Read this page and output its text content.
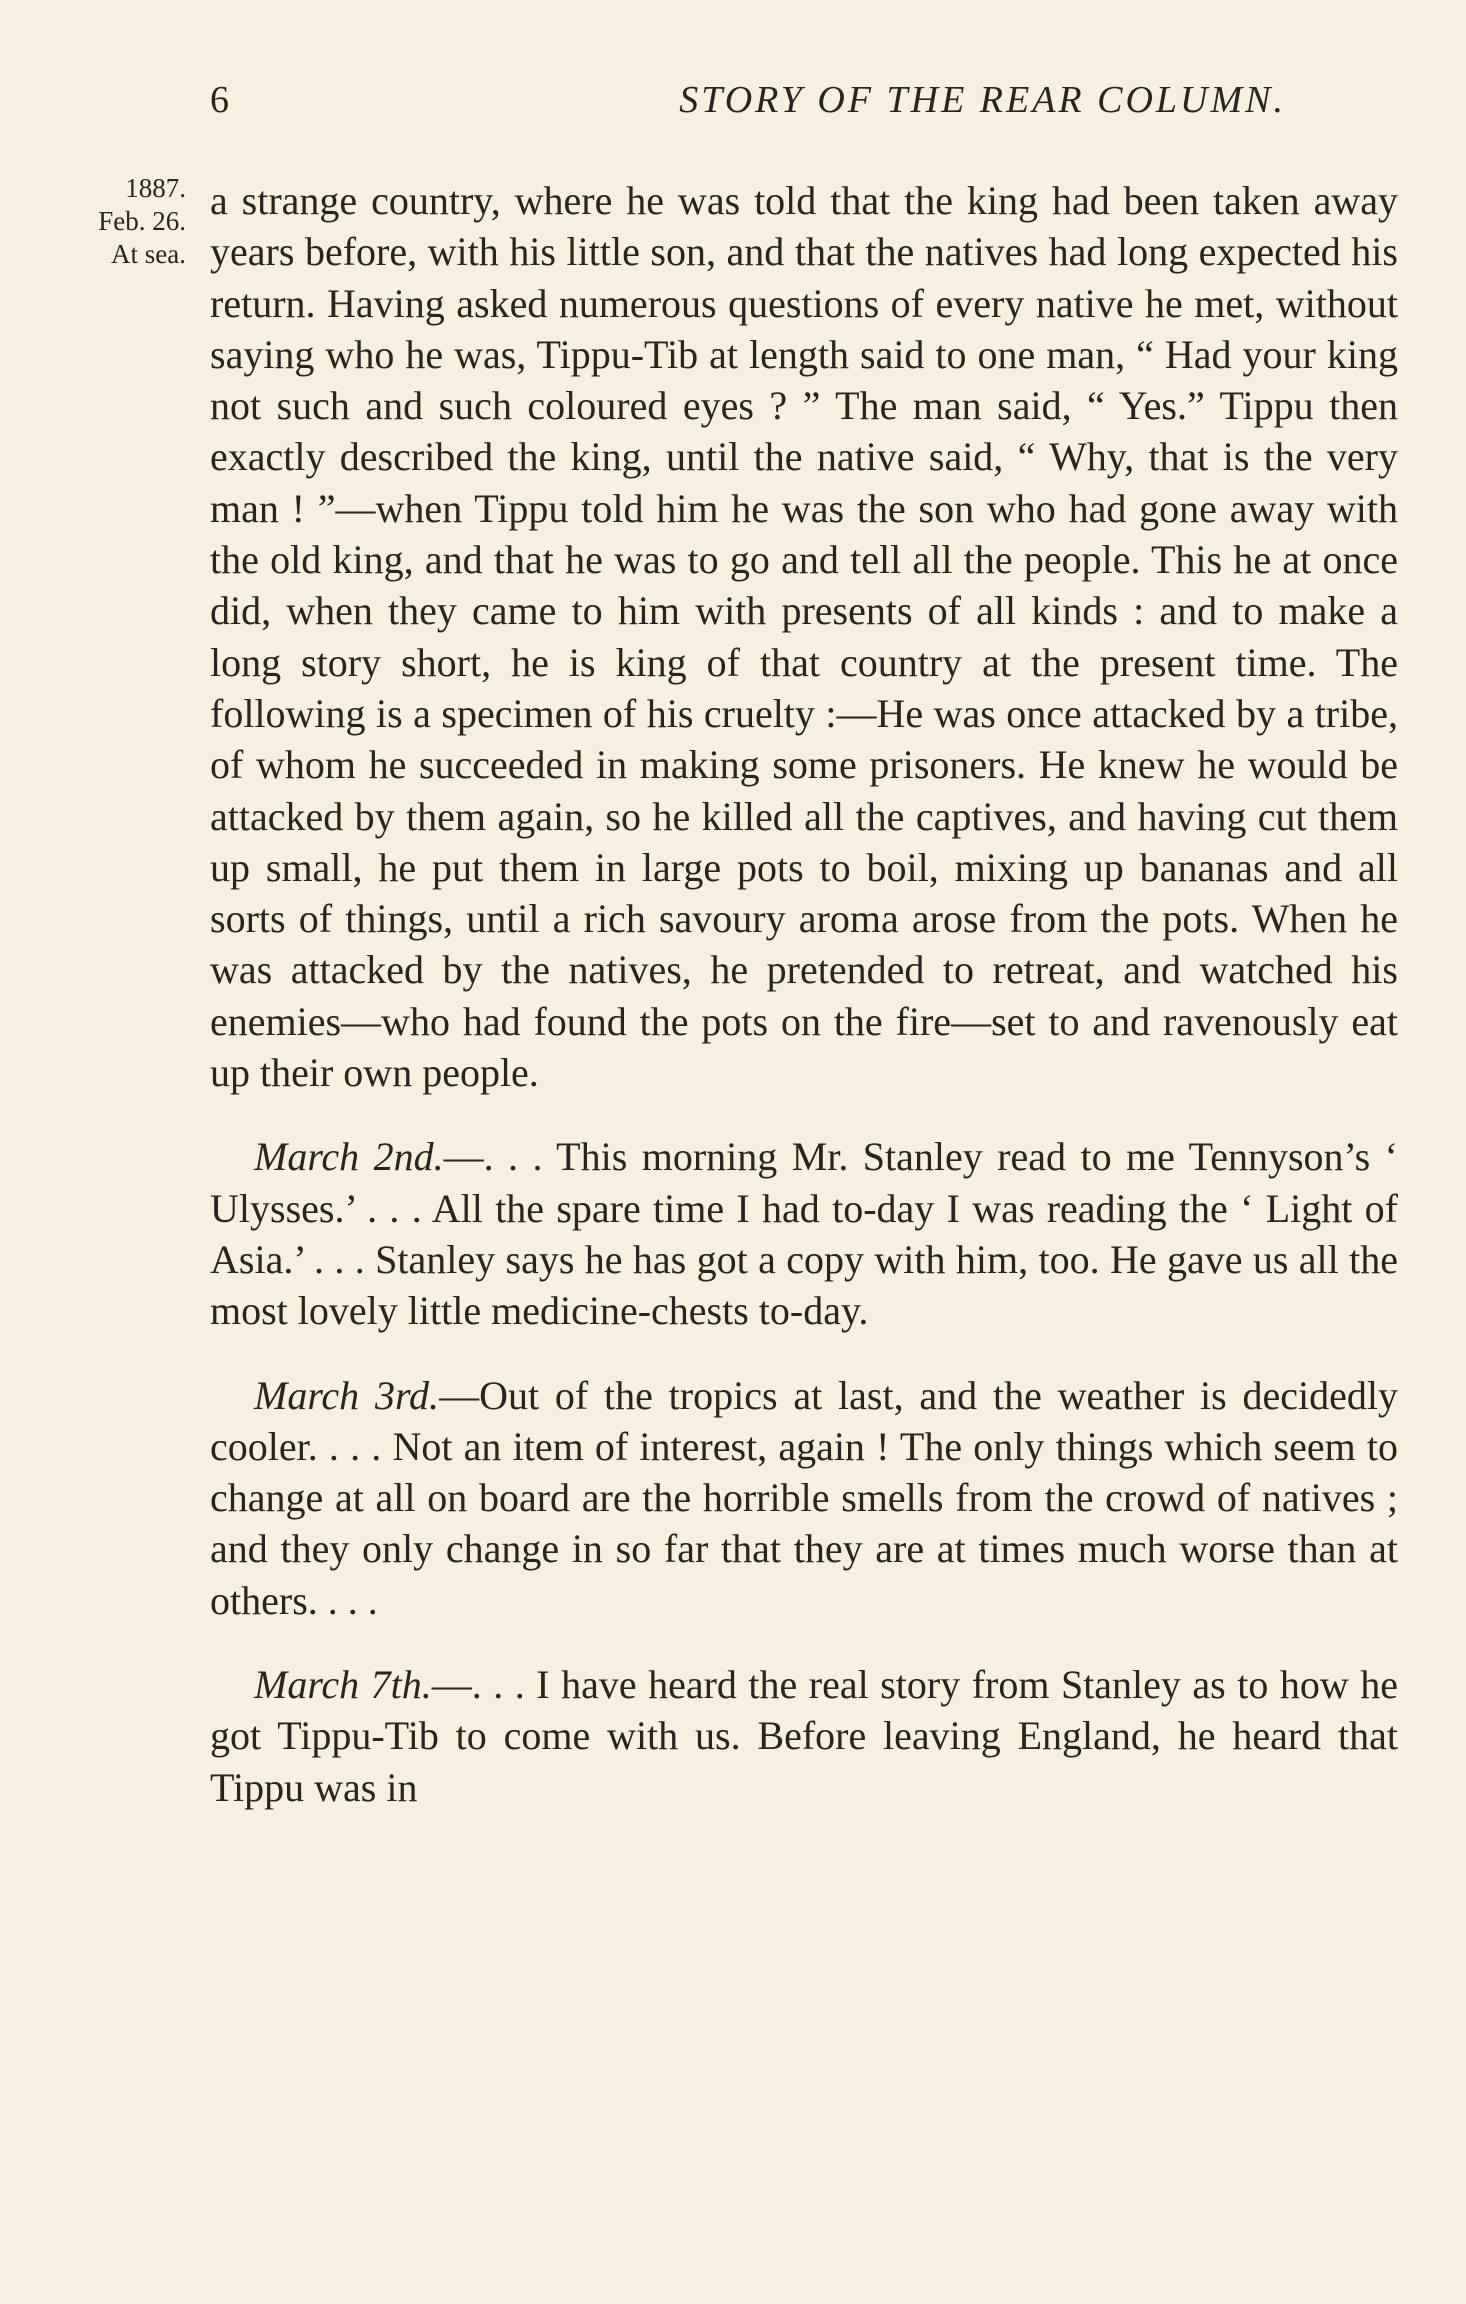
6	STORY OF THE REAR COLUMN.
1887.
Feb. 26.
At sea.

a strange country, where he was told that the king had been taken away years before, with his little son, and that the natives had long expected his return. Having asked numerous questions of every native he met, without saying who he was, Tippu-Tib at length said to one man, “ Had your king not such and such coloured eyes ? ” The man said, “ Yes.” Tippu then exactly described the king, until the native said, “ Why, that is the very man ! ”—when Tippu told him he was the son who had gone away with the old king, and that he was to go and tell all the people. This he at once did, when they came to him with presents of all kinds : and to make a long story short, he is king of that country at the present time. The following is a specimen of his cruelty :—He was once attacked by a tribe, of whom he succeeded in making some prisoners. He knew he would be attacked by them again, so he killed all the captives, and having cut them up small, he put them in large pots to boil, mixing up bananas and all sorts of things, until a rich savoury aroma arose from the pots. When he was attacked by the natives, he pretended to retreat, and watched his enemies—who had found the pots on the fire—set to and ravenously eat up their own people.

March 2nd.—. . . This morning Mr. Stanley read to me Tennyson’s ‘ Ulysses.’ . . . All the spare time I had to-day I was reading the ‘ Light of Asia.’ . . . Stanley says he has got a copy with him, too. He gave us all the most lovely little medicine-chests to-day.

March 3rd.—Out of the tropics at last, and the weather is decidedly cooler. . . . Not an item of interest, again ! The only things which seem to change at all on board are the horrible smells from the crowd of natives ; and they only change in so far that they are at times much worse than at others. . . .

March 7th.—. . . I have heard the real story from Stanley as to how he got Tippu-Tib to come with us. Before leaving England, he heard that Tippu was in
